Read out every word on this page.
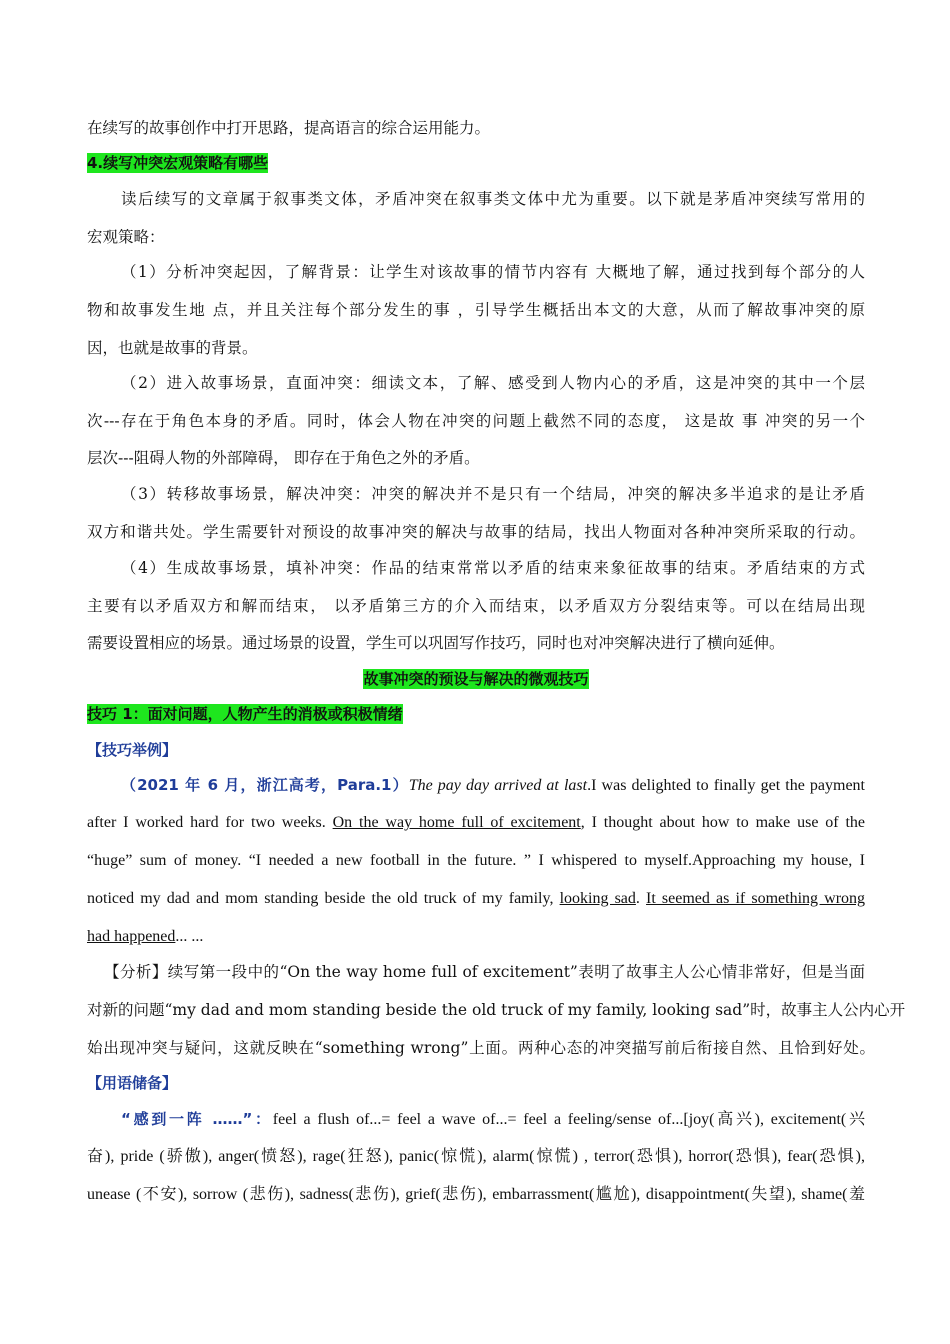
在续写的故事创作中打开思路，提高语言的综合运用能力。
4.续写冲突宏观策略有哪些
读后续写的文章属于叙事类文体，矛盾冲突在叙事类文体中尤为重要。以下就是茅盾冲突续写常用的
宏观策略：
（1）分析冲突起因，了解背景：让学生对该故事的情节内容有 大概地了解，通过找到每个部分的人
物和故事发生地 点，并且关注每个部分发生的事 ，引导学生概括出本文的大意，从而了解故事冲突的原
因，也就是故事的背景。
（2）进入故事场景，直面冲突：细读文本，了解、感受到人物内心的矛盾，这是冲突的其中一个层
次---存在于角色本身的矛盾。同时，体会人物在冲突的问题上截然不同的态度， 这是故 事 冲突的另一个
层次---阻碍人物的外部障碍， 即存在于角色之外的矛盾。
（3）转移故事场景，解决冲突：冲突的解决并不是只有一个结局，冲突的解决多半追求的是让矛盾
双方和谐共处。学生需要针对预设的故事冲突的解决与故事的结局，找出人物面对各种冲突所采取的行动。
（4）生成故事场景，填补冲突：作品的结束常常以矛盾的结束来象征故事的结束。矛盾结束的方式
主要有以矛盾双方和解而结束， 以矛盾第三方的介入而结束，以矛盾双方分裂结束等。可以在结局出现
需要设置相应的场景。通过场景的设置，学生可以巩固写作技巧，同时也对冲突解决进行了横向延伸。
故事冲突的预设与解决的微观技巧
技巧 1：面对问题，人物产生的消极或积极情绪
【技巧举例】
（2021 年 6 月，浙江高考，Para.1）The pay day arrived at last.I was delighted to finally get the payment
after I worked hard for two weeks. On the way home full of excitement, I thought about how to make use of the
“huge” sum of money. “I needed a new football in the future. ” I whispered to myself.Approaching my house, I
noticed my dad and mom standing beside the old truck of my family, looking sad. It seemed as if something wrong
had happened... ...
【分析】续写第一段中的“On the way home full of excitement”表明了故事主人公心情非常好，但是当面
对新的问题“my dad and mom standing beside the old truck of my family, looking sad”时，故事主人公内心开
始出现冲突与疑问，这就反映在“something wrong”上面。两种心态的冲突描写前后衔接自然、且恰到好处。
【用语储备】
“感到一阵 ……”：feel a flush of...= feel a wave of...= feel a feeling/sense of...[joy(高兴), excitement(兴
奋), pride (骄傲), anger(愤怒), rage(狂怒), panic(惊慌), alarm(惊慌) , terror(恐惧), horror(恐惧), fear(恐惧),
unease (不安), sorrow (悲伤), sadness(悲伤), grief(悲伤), embarrassment(尴尬), disappointment(失望), shame(羞
